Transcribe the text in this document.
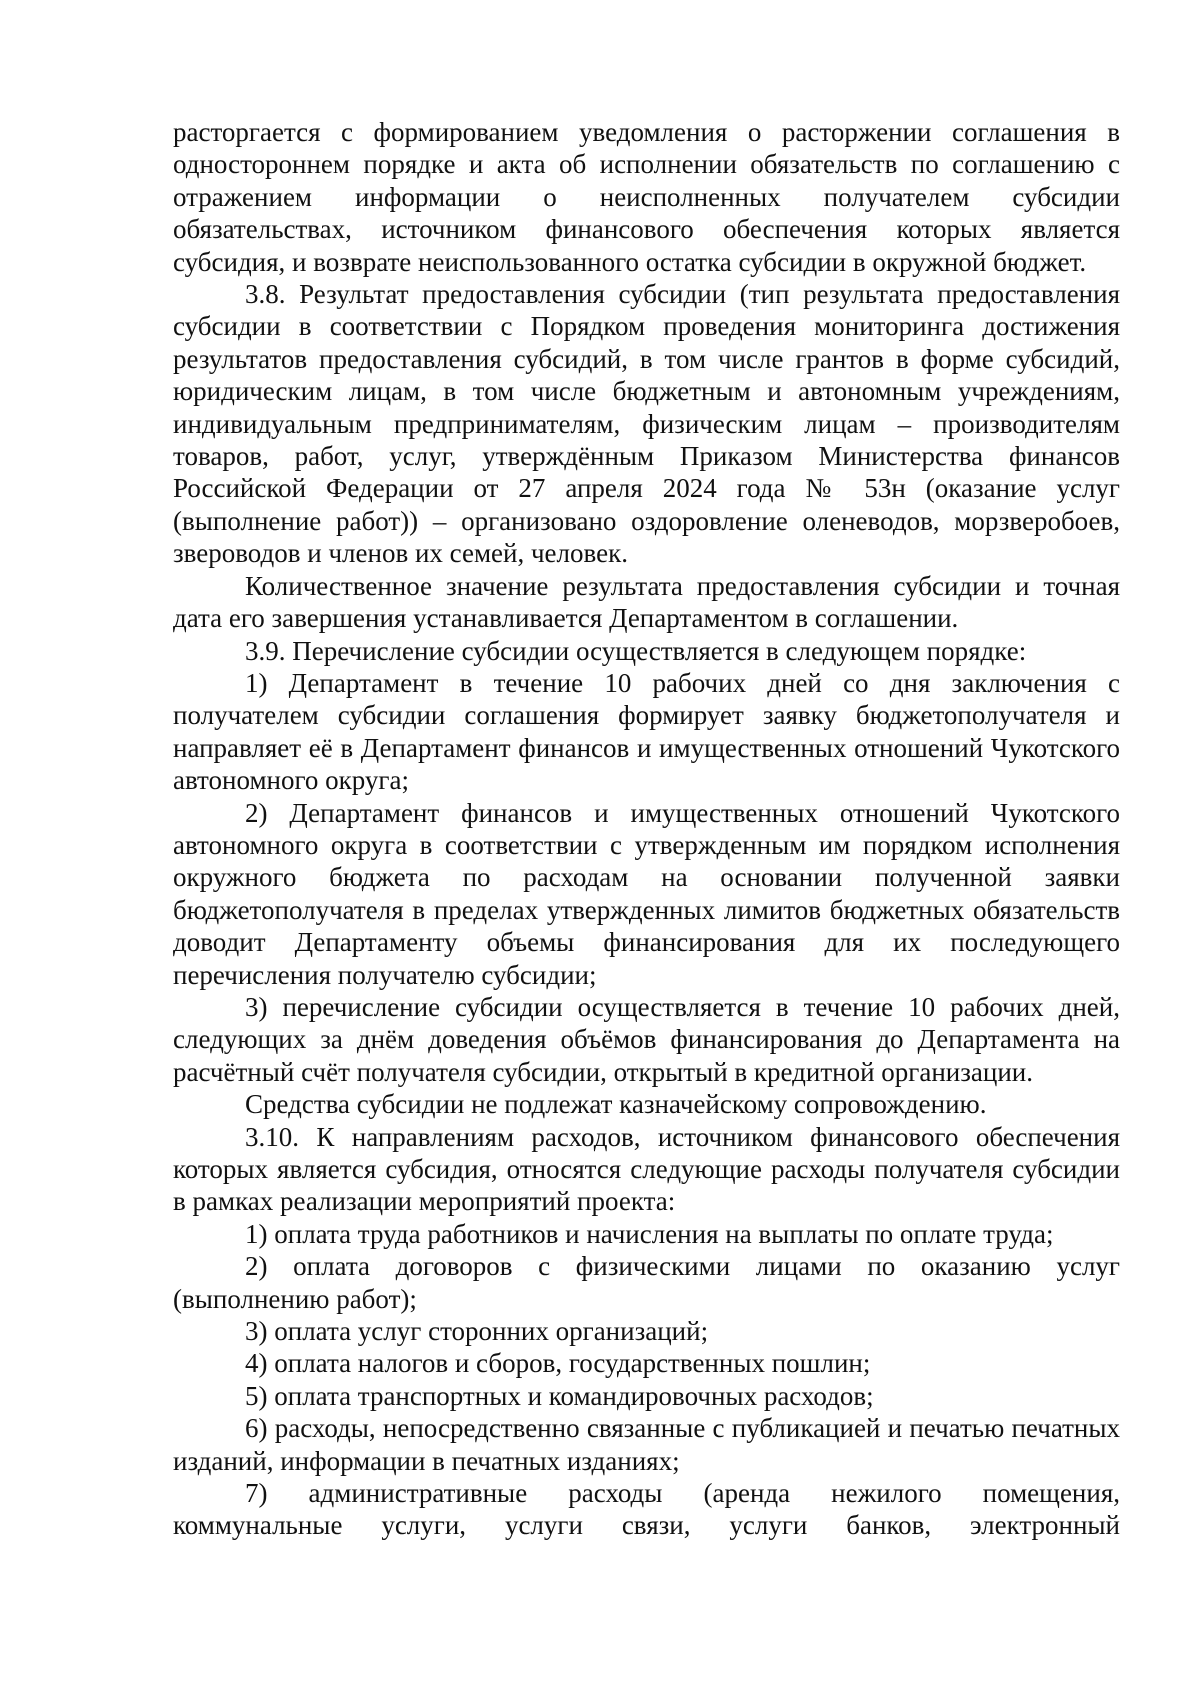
расторгается с формированием уведомления о расторжении соглашения в одностороннем порядке и акта об исполнении обязательств по соглашению с отражением информации о неисполненных получателем субсидии обязательствах, источником финансового обеспечения которых является субсидия, и возврате неиспользованного остатка субсидии в окружной бюджет.

3.8. Результат предоставления субсидии (тип результата предоставления субсидии в соответствии с Порядком проведения мониторинга достижения результатов предоставления субсидий, в том числе грантов в форме субсидий, юридическим лицам, в том числе бюджетным и автономным учреждениям, индивидуальным предпринимателям, физическим лицам – производителям товаров, работ, услуг, утверждённым Приказом Министерства финансов Российской Федерации от 27 апреля 2024 года № 53н (оказание услуг (выполнение работ)) – организовано оздоровление оленеводов, морзверобоев, звероводов и членов их семей, человек.

Количественное значение результата предоставления субсидии и точная дата его завершения устанавливается Департаментом в соглашении.

3.9. Перечисление субсидии осуществляется в следующем порядке:

1) Департамент в течение 10 рабочих дней со дня заключения с получателем субсидии соглашения формирует заявку бюджетополучателя и направляет её в Департамент финансов и имущественных отношений Чукотского автономного округа;

2) Департамент финансов и имущественных отношений Чукотского автономного округа в соответствии с утвержденным им порядком исполнения окружного бюджета по расходам на основании полученной заявки бюджетополучателя в пределах утвержденных лимитов бюджетных обязательств доводит Департаменту объемы финансирования для их последующего перечисления получателю субсидии;

3) перечисление субсидии осуществляется в течение 10 рабочих дней, следующих за днём доведения объёмов финансирования до Департамента на расчётный счёт получателя субсидии, открытый в кредитной организации.

Средства субсидии не подлежат казначейскому сопровождению.

3.10. К направлениям расходов, источником финансового обеспечения которых является субсидия, относятся следующие расходы получателя субсидии в рамках реализации мероприятий проекта:

1) оплата труда работников и начисления на выплаты по оплате труда;

2) оплата договоров с физическими лицами по оказанию услуг (выполнению работ);

3) оплата услуг сторонних организаций;

4) оплата налогов и сборов, государственных пошлин;

5) оплата транспортных и командировочных расходов;

6) расходы, непосредственно связанные с публикацией и печатью печатных изданий, информации в печатных изданиях;

7) административные расходы (аренда нежилого помещения, коммунальные услуги, услуги связи, услуги банков, электронный
